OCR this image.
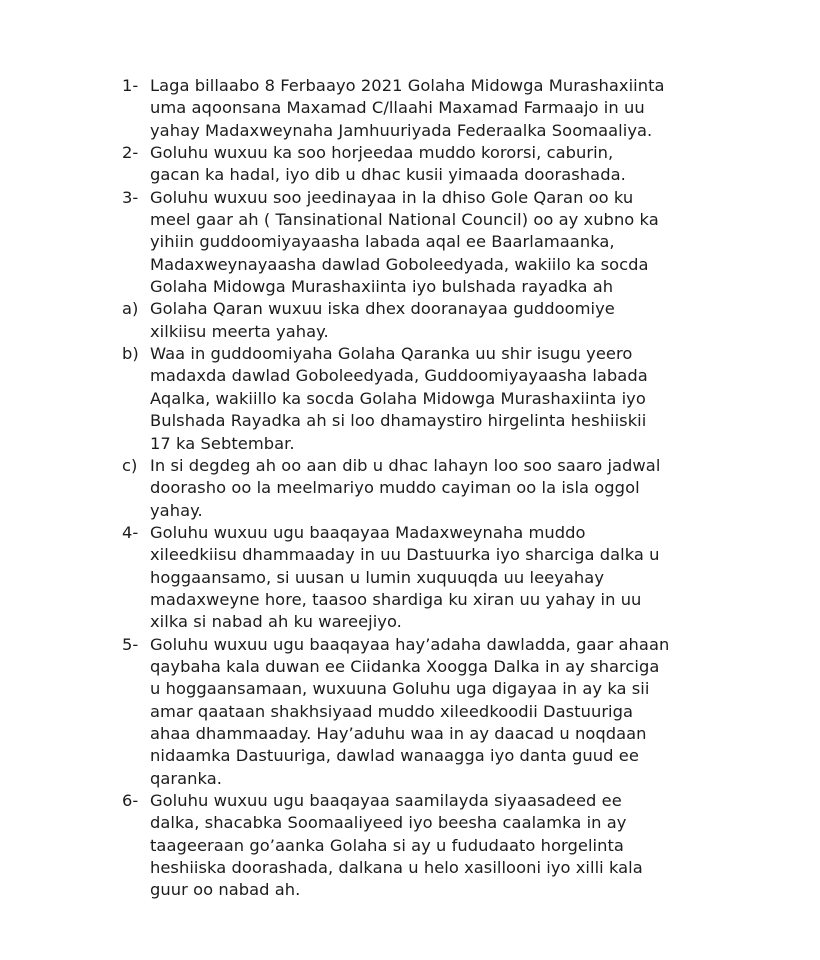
1- Laga billaabo 8 Ferbaayo 2021 Golaha Midowga Murashaxiinta
uma aqoonsana Maxamad C/llaahi Maxamad Farmaajo in uu
yahay Madaxweynaha Jamhuuriyada Federaalka Soomaaliya.
2- Goluhu wuxuu ka soo horjeedaa muddo kororsi, caburin,
gacan ka hadal, iyo dib u dhac kusii yimaada doorashada.
3- Goluhu wuxuu soo jeedinayaa in la dhiso Gole Qaran oo ku
meel gaar ah ( Tansinational National Council) oo ay xubno ka
yihiin guddoomiyayaasha labada aqal ee Baarlamaanka,
Madaxweynayaasha dawlad Goboleedyada, wakiilo ka socda
Golaha Midowga Murashaxiinta iyo bulshada rayadka ah
a) Golaha Qaran wuxuu iska dhex dooranayaa guddoomiye
xilkiisu meerta yahay.
b) Waa in guddoomiyaha Golaha Qaranka uu shir isugu yeero
madaxda dawlad Goboleedyada, Guddoomiyayaasha labada
Aqalka, wakiillo ka socda Golaha Midowga Murashaxiinta iyo
Bulshada Rayadka ah si loo dhamaystiro hirgelinta heshiiskii
17 ka Sebtembar.
c) In si degdeg ah oo aan dib u dhac lahayn loo soo saaro jadwal
doorasho oo la meelmariyo muddo cayiman oo la isla oggol
yahay.
4- Goluhu wuxuu ugu baaqayaa Madaxweynaha muddo
xileedkiisu dhammaaday in uu Dastuurka iyo sharciga dalka u
hoggaansamo, si uusan u lumin xuquuqda uu leeyahay
madaxweyne hore, taasoo shardiga ku xiran uu yahay in uu
xilka si nabad ah ku wareejiyo.
5- Goluhu wuxuu ugu baaqayaa hay’adaha dawladda, gaar ahaan
qaybaha kala duwan ee Ciidanka Xoogga Dalka in ay sharciga
u hoggaansamaan, wuxuuna Goluhu uga digayaa in ay ka sii
amar qaataan shakhsiyaad muddo xileedkoodii Dastuuriga
ahaa dhammaaday. Hay’aduhu waa in ay daacad u noqdaan
nidaamka Dastuuriga, dawlad wanaagga iyo danta guud ee
qaranka.
6- Goluhu wuxuu ugu baaqayaa saamilayda siyaasadeed ee
dalka, shacabka Soomaaliyeed iyo beesha caalamka in ay
taageeraan go’aanka Golaha si ay u fududaato horgelinta
heshiiska doorashada, dalkana u helo xasillooni iyo xilli kala
guur oo nabad ah.
